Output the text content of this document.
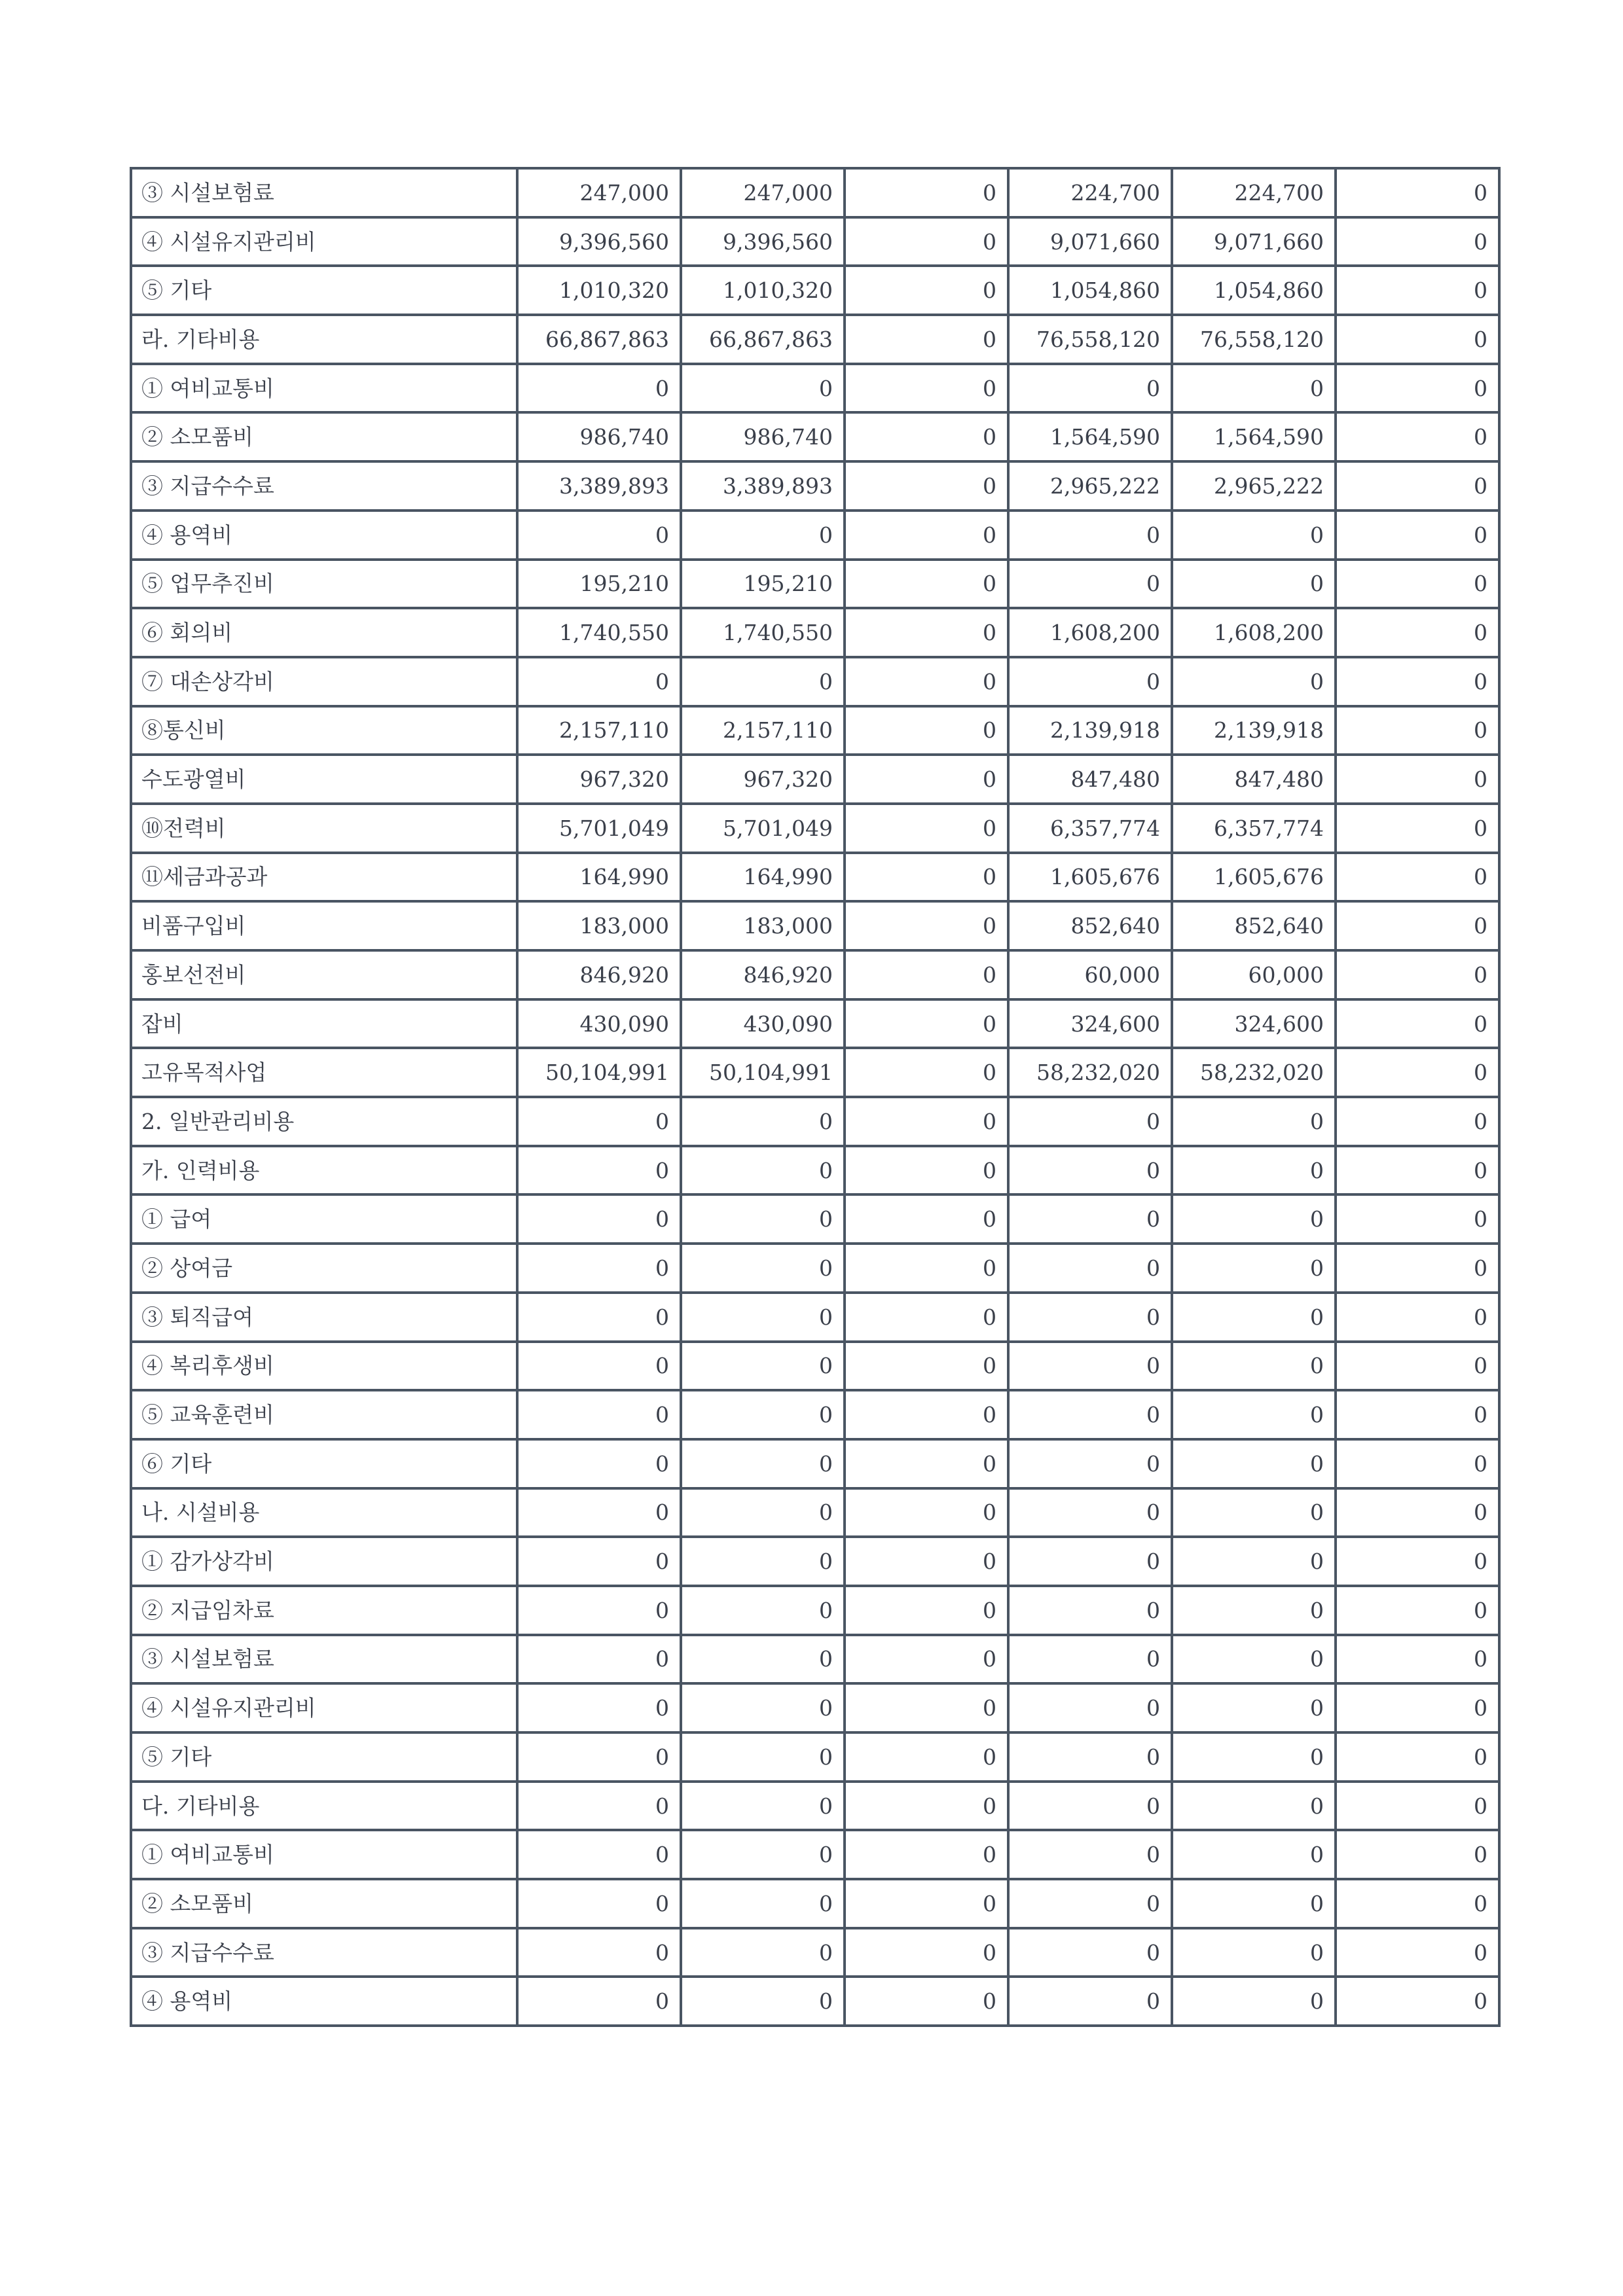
③ 시설보험료	247,000	247,000	0	224,700	224,700	0
④ 시설유지관리비	9,396,560	9,396,560	0	9,071,660	9,071,660	0
⑤ 기타	1,010,320	1,010,320	0	1,054,860	1,054,860	0
라. 기타비용	66,867,863	66,867,863	0	76,558,120	76,558,120	0
① 여비교통비	0	0	0	0	0	0
② 소모품비	986,740	986,740	0	1,564,590	1,564,590	0
③ 지급수수료	3,389,893	3,389,893	0	2,965,222	2,965,222	0
④ 용역비	0	0	0	0	0	0
⑤ 업무추진비	195,210	195,210	0	0	0	0
⑥ 회의비	1,740,550	1,740,550	0	1,608,200	1,608,200	0
⑦ 대손상각비	0	0	0	0	0	0
⑧통신비	2,157,110	2,157,110	0	2,139,918	2,139,918	0
수도광열비	967,320	967,320	0	847,480	847,480	0
⑩전력비	5,701,049	5,701,049	0	6,357,774	6,357,774	0
⑪세금과공과	164,990	164,990	0	1,605,676	1,605,676	0
비품구입비	183,000	183,000	0	852,640	852,640	0
홍보선전비	846,920	846,920	0	60,000	60,000	0
잡비	430,090	430,090	0	324,600	324,600	0
고유목적사업	50,104,991	50,104,991	0	58,232,020	58,232,020	0
2. 일반관리비용	0	0	0	0	0	0
가. 인력비용	0	0	0	0	0	0
① 급여	0	0	0	0	0	0
② 상여금	0	0	0	0	0	0
③ 퇴직급여	0	0	0	0	0	0
④ 복리후생비	0	0	0	0	0	0
⑤ 교육훈련비	0	0	0	0	0	0
⑥ 기타	0	0	0	0	0	0
나. 시설비용	0	0	0	0	0	0
① 감가상각비	0	0	0	0	0	0
② 지급임차료	0	0	0	0	0	0
③ 시설보험료	0	0	0	0	0	0
④ 시설유지관리비	0	0	0	0	0	0
⑤ 기타	0	0	0	0	0	0
다. 기타비용	0	0	0	0	0	0
① 여비교통비	0	0	0	0	0	0
② 소모품비	0	0	0	0	0	0
③ 지급수수료	0	0	0	0	0	0
④ 용역비	0	0	0	0	0	0
